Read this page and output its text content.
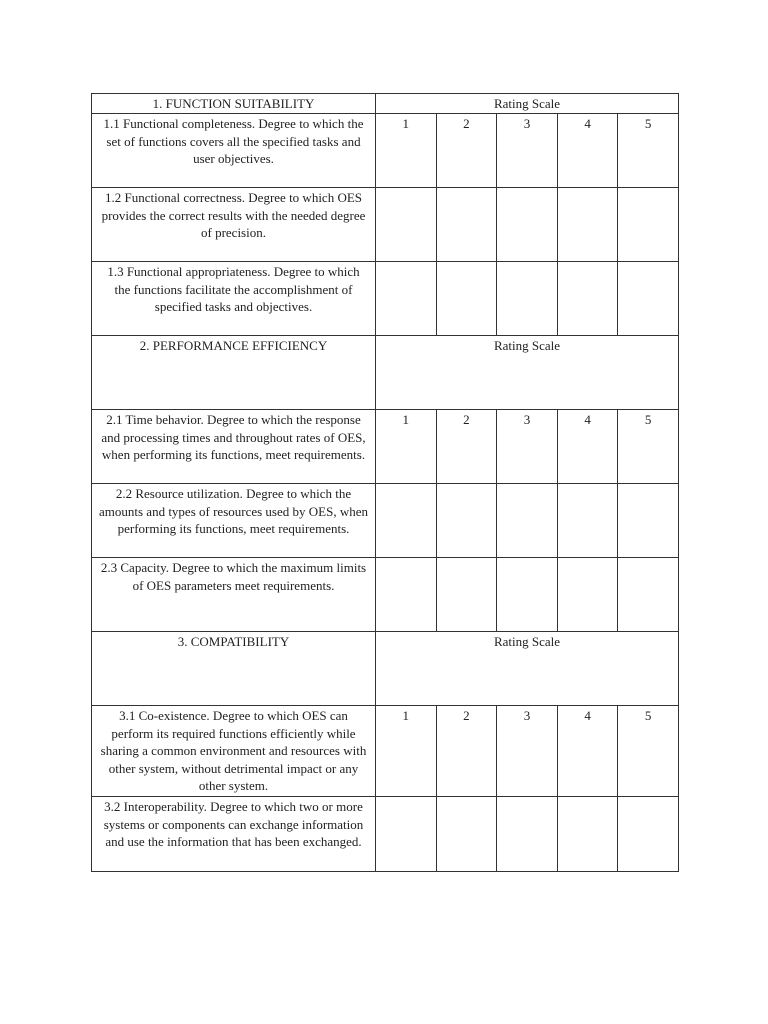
1. FUNCTION SUITABILITY	Rating Scale				
1.1 Functional completeness. Degree to which the set of functions covers all the specified tasks and user objectives.	1	2	3	4	5
1.2 Functional correctness. Degree to which OES provides the correct results with the needed degree of precision.					
1.3 Functional appropriateness. Degree to which the functions facilitate the accomplishment of specified tasks and objectives.					
2. PERFORMANCE EFFICIENCY	Rating Scale				
2.1 Time behavior. Degree to which the response and processing times and throughout rates of OES, when performing its functions, meet requirements.	1	2	3	4	5
2.2 Resource utilization. Degree to which the amounts and types of resources used by OES, when performing its functions, meet requirements.					
2.3 Capacity. Degree to which the maximum limits of OES parameters meet requirements.					
3. COMPATIBILITY	Rating Scale				
3.1 Co-existence. Degree to which OES can perform its required functions efficiently while sharing a common environment and resources with other system, without detrimental impact or any other system.	1	2	3	4	5
3.2 Interoperability. Degree to which two or more systems or components can exchange information and use the information that has been exchanged.					
